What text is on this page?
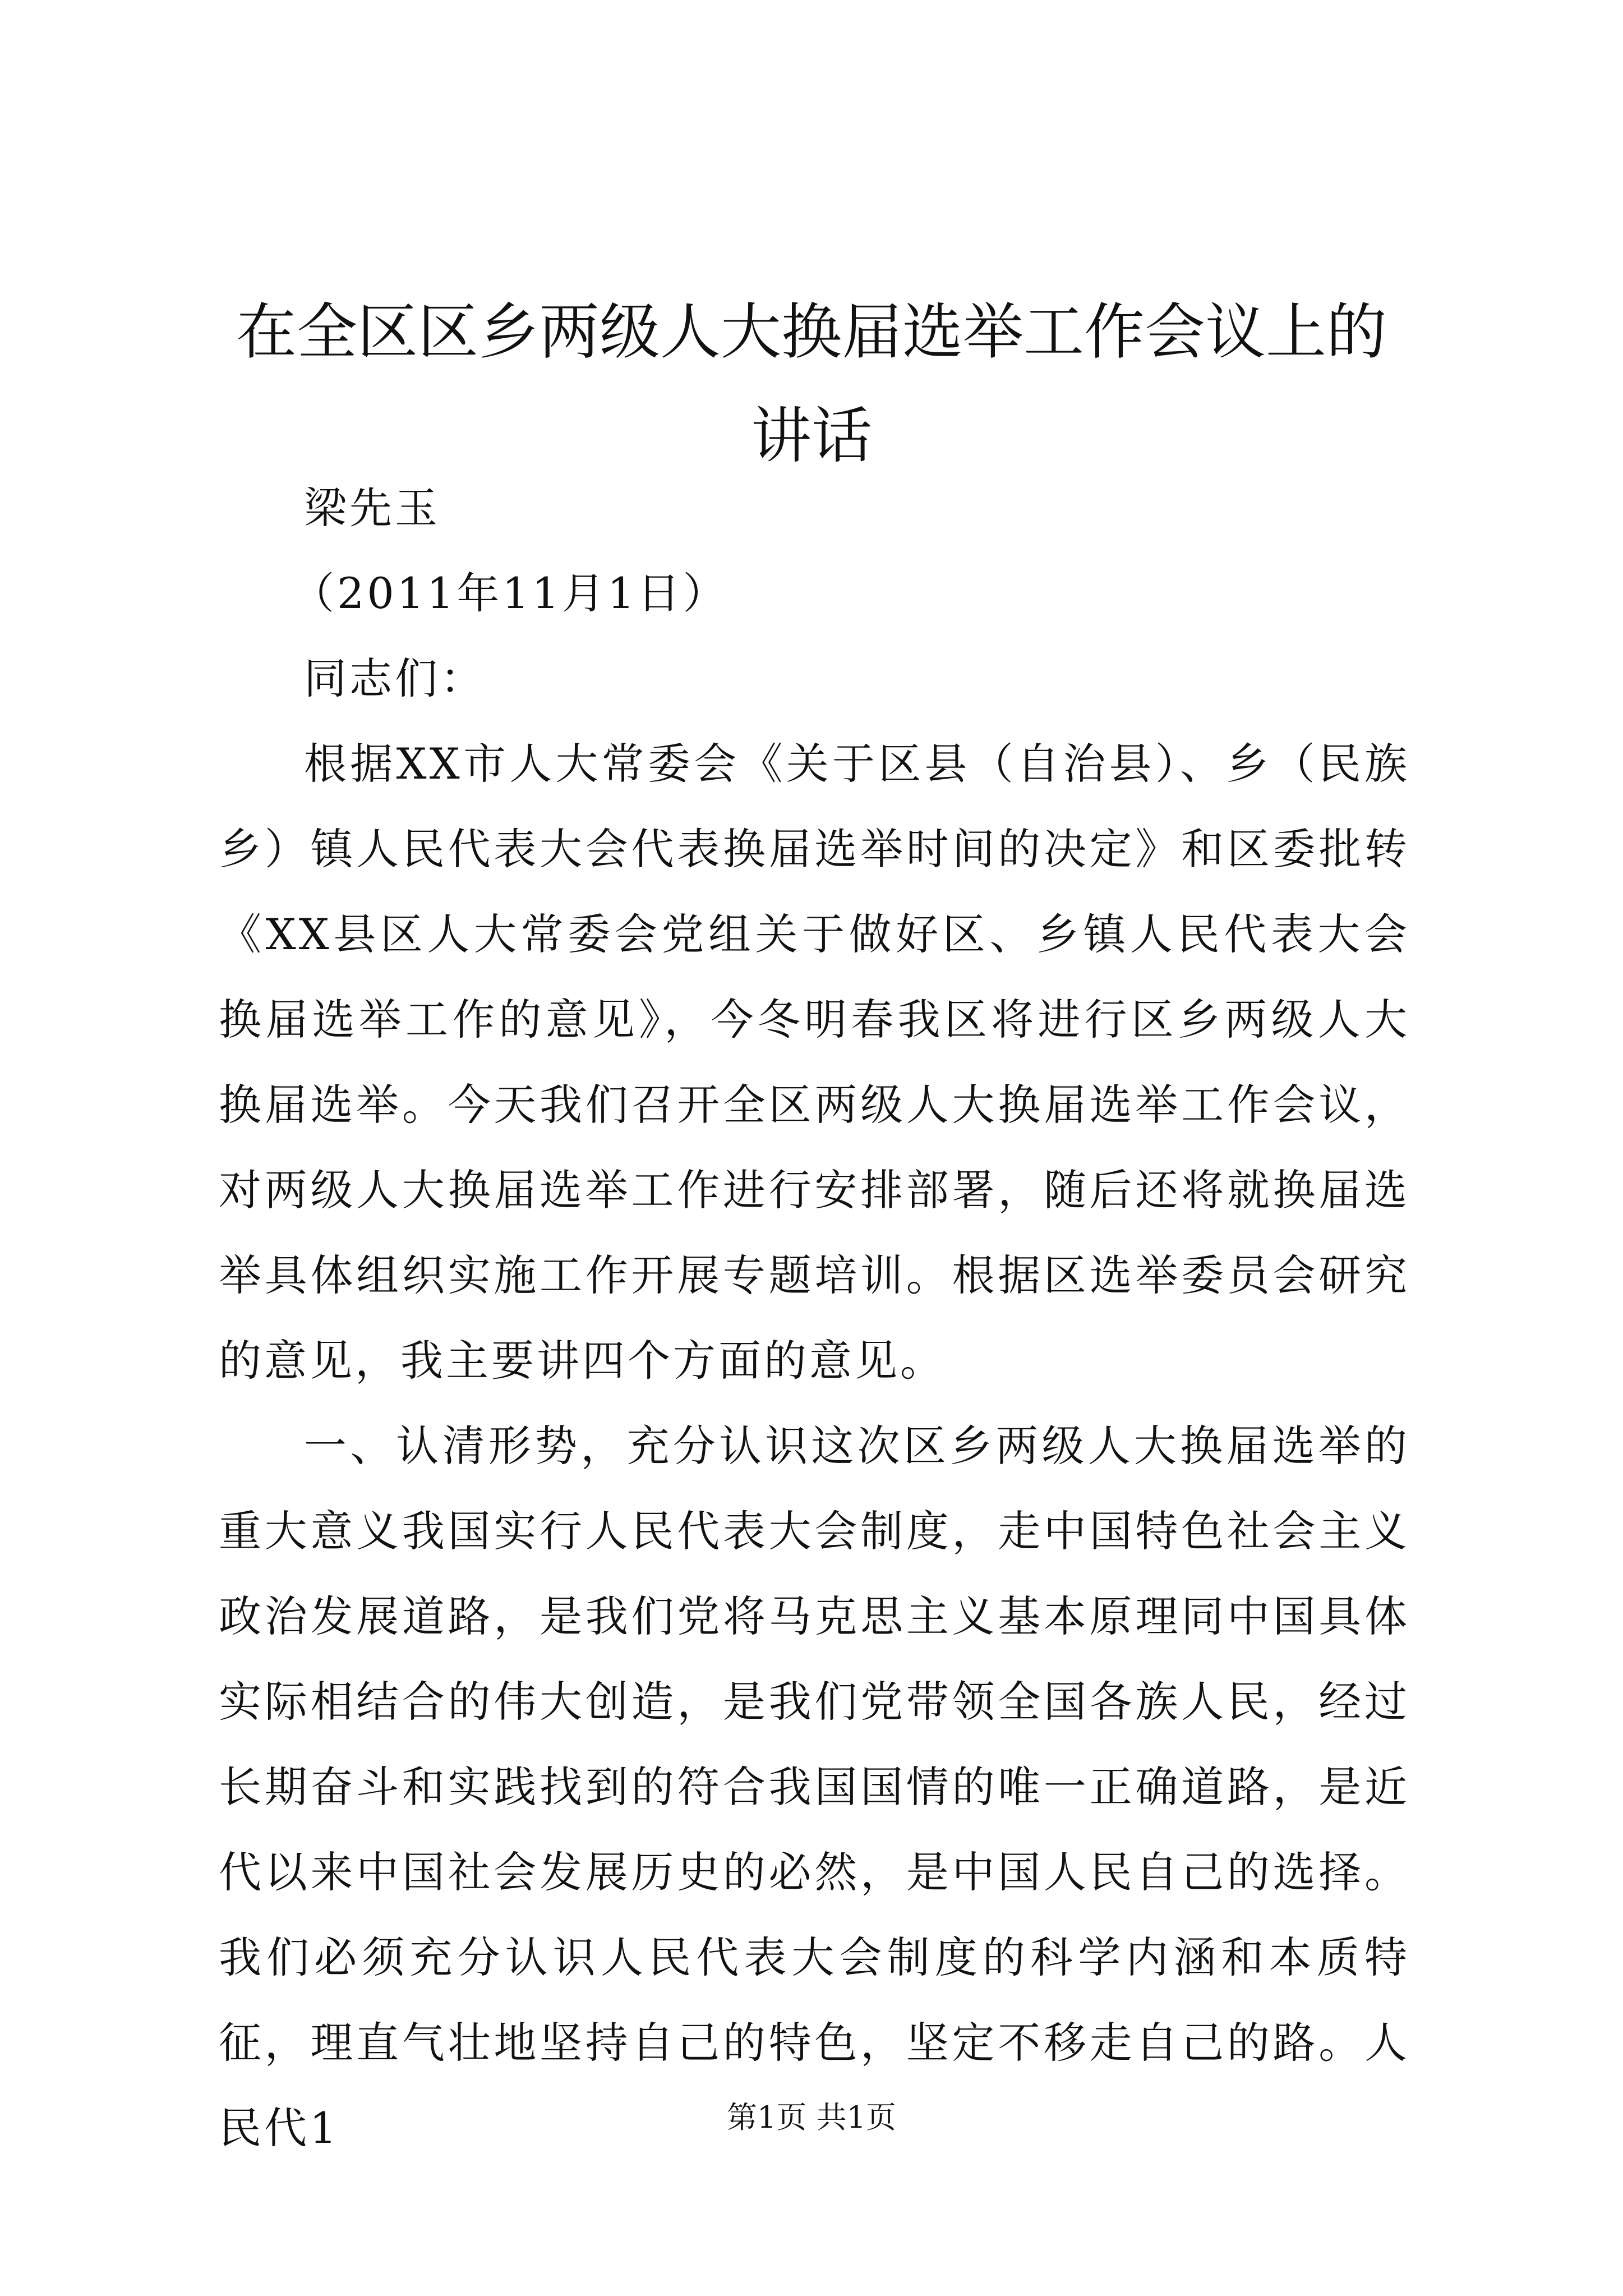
在全区区乡两级人大换届选举工作会议上的讲话

梁先玉

（2011年11月1日）

同志们：

根据XX市人大常委会《关于区县（自治县）、乡（民族乡）镇人民代表大会代表换届选举时间的决定》和区委批转《XX县区人大常委会党组关于做好区、乡镇人民代表大会换届选举工作的意见》，今冬明春我区将进行区乡两级人大换届选举。今天我们召开全区两级人大换届选举工作会议，对两级人大换届选举工作进行安排部署，随后还将就换届选举具体组织实施工作开展专题培训。根据区选举委员会研究的意见，我主要讲四个方面的意见。

一、认清形势，充分认识这次区乡两级人大换届选举的重大意义我国实行人民代表大会制度，走中国特色社会主义政治发展道路，是我们党将马克思主义基本原理同中国具体实际相结合的伟大创造，是我们党带领全国各族人民，经过长期奋斗和实践找到的符合我国国情的唯一正确道路，是近代以来中国社会发展历史的必然，是中国人民自己的选择。我们必须充分认识人民代表大会制度的科学内涵和本质特征，理直气壮地坚持自己的特色，坚定不移走自己的路。人民代1	第1页 共1页
